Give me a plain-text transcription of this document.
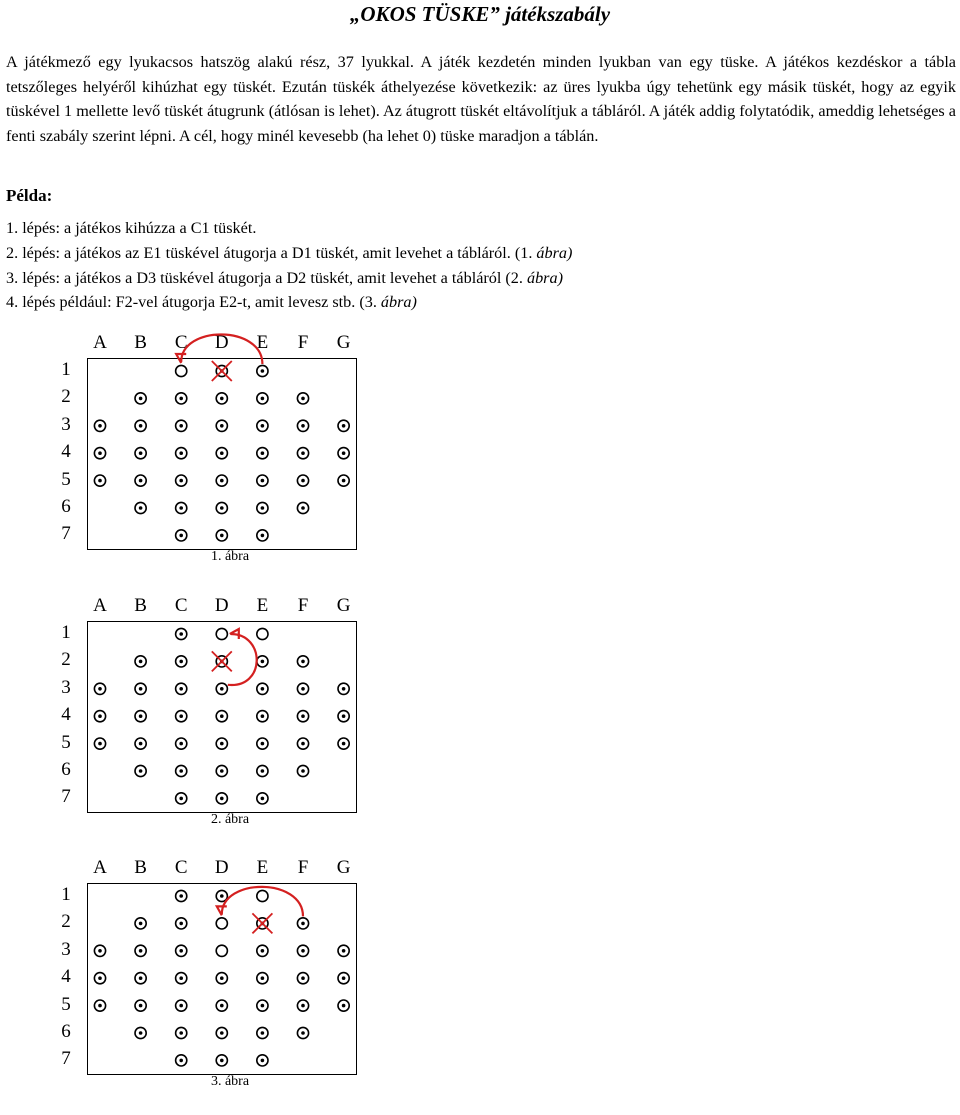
„OKOS TÜSKE” játékszabály
A játékmező egy lyukacsos hatszög alakú rész, 37 lyukkal. A játék kezdetén minden lyukban van egy tüske. A játékos kezdéskor a tábla tetszőleges helyéről kihúzhat egy tüskét. Ezután tüskék áthelyezése következik: az üres lyukba úgy tehetünk egy másik tüskét, hogy az egyik tüskével 1 mellette levő tüskét átugrunk (átlósan is lehet). Az átugrott tüskét eltávolítjuk a tábláról. A játék addig folytatódik, ameddig lehetséges a fenti szabály szerint lépni. A cél, hogy minél kevesebb (ha lehet 0) tüske maradjon a táblán.
Példa:
1. lépés: a játékos kihúzza a C1 tüskét.
2. lépés: a játékos az E1 tüskével átugorja a D1 tüskét, amit levehet a tábláról. (1. ábra)
3. lépés: a játékos a D3 tüskével átugorja a D2 tüskét, amit levehet a tábláról (2. ábra)
4. lépés például: F2-vel átugorja E2-t, amit levesz stb. (3. ábra)
A	B	C	D	E	F	G
1
2
3
4
5
6
7
1. ábra
A	B	C	D	E	F	G
1
2
3
4
5
6
7
2. ábra
A	B	C	D	E	F	G
1
2
3
4
5
6
7
3. ábra
